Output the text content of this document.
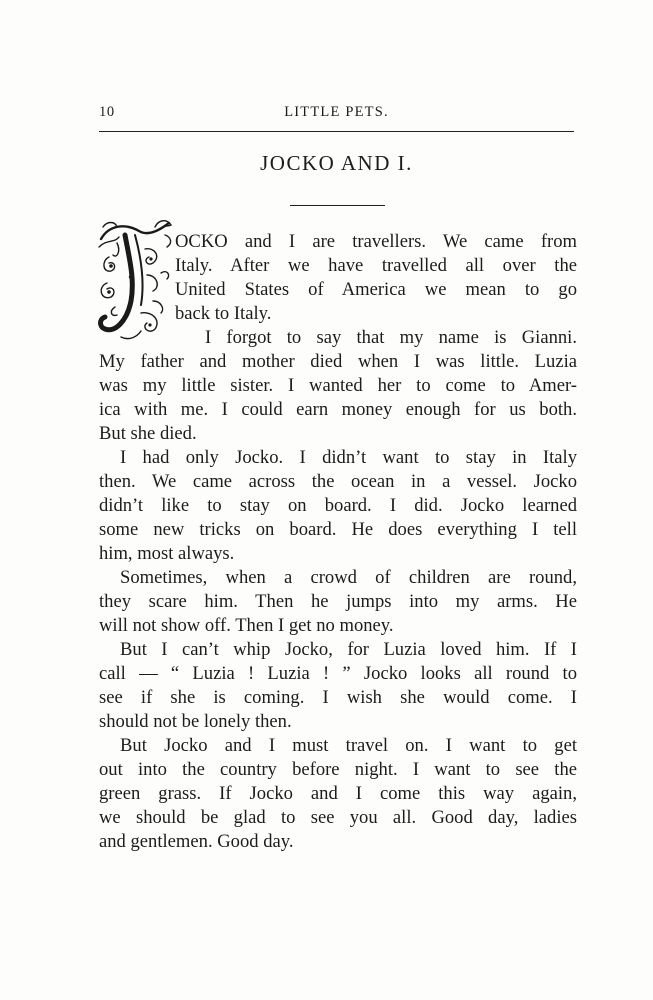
10	LITTLE PETS.
JOCKO AND I.
OCKO and I are travellers. We came from
Italy. After we have travelled all over the
United States of America we mean to go
back to Italy.
I forgot to say that my name is Gianni.
My father and mother died when I was little. Luzia
was my little sister. I wanted her to come to Amer-
ica with me. I could earn money enough for us both.
But she died.
I had only Jocko. I didn’t want to stay in Italy
then. We came across the ocean in a vessel. Jocko
didn’t like to stay on board. I did. Jocko learned
some new tricks on board. He does everything I tell
him, most always.
Sometimes, when a crowd of children are round,
they scare him. Then he jumps into my arms. He
will not show off. Then I get no money.
But I can’t whip Jocko, for Luzia loved him. If I
call — “ Luzia ! Luzia ! ” Jocko looks all round to
see if she is coming. I wish she would come. I
should not be lonely then.
But Jocko and I must travel on. I want to get
out into the country before night. I want to see the
green grass. If Jocko and I come this way again,
we should be glad to see you all. Good day, ladies
and gentlemen. Good day.
